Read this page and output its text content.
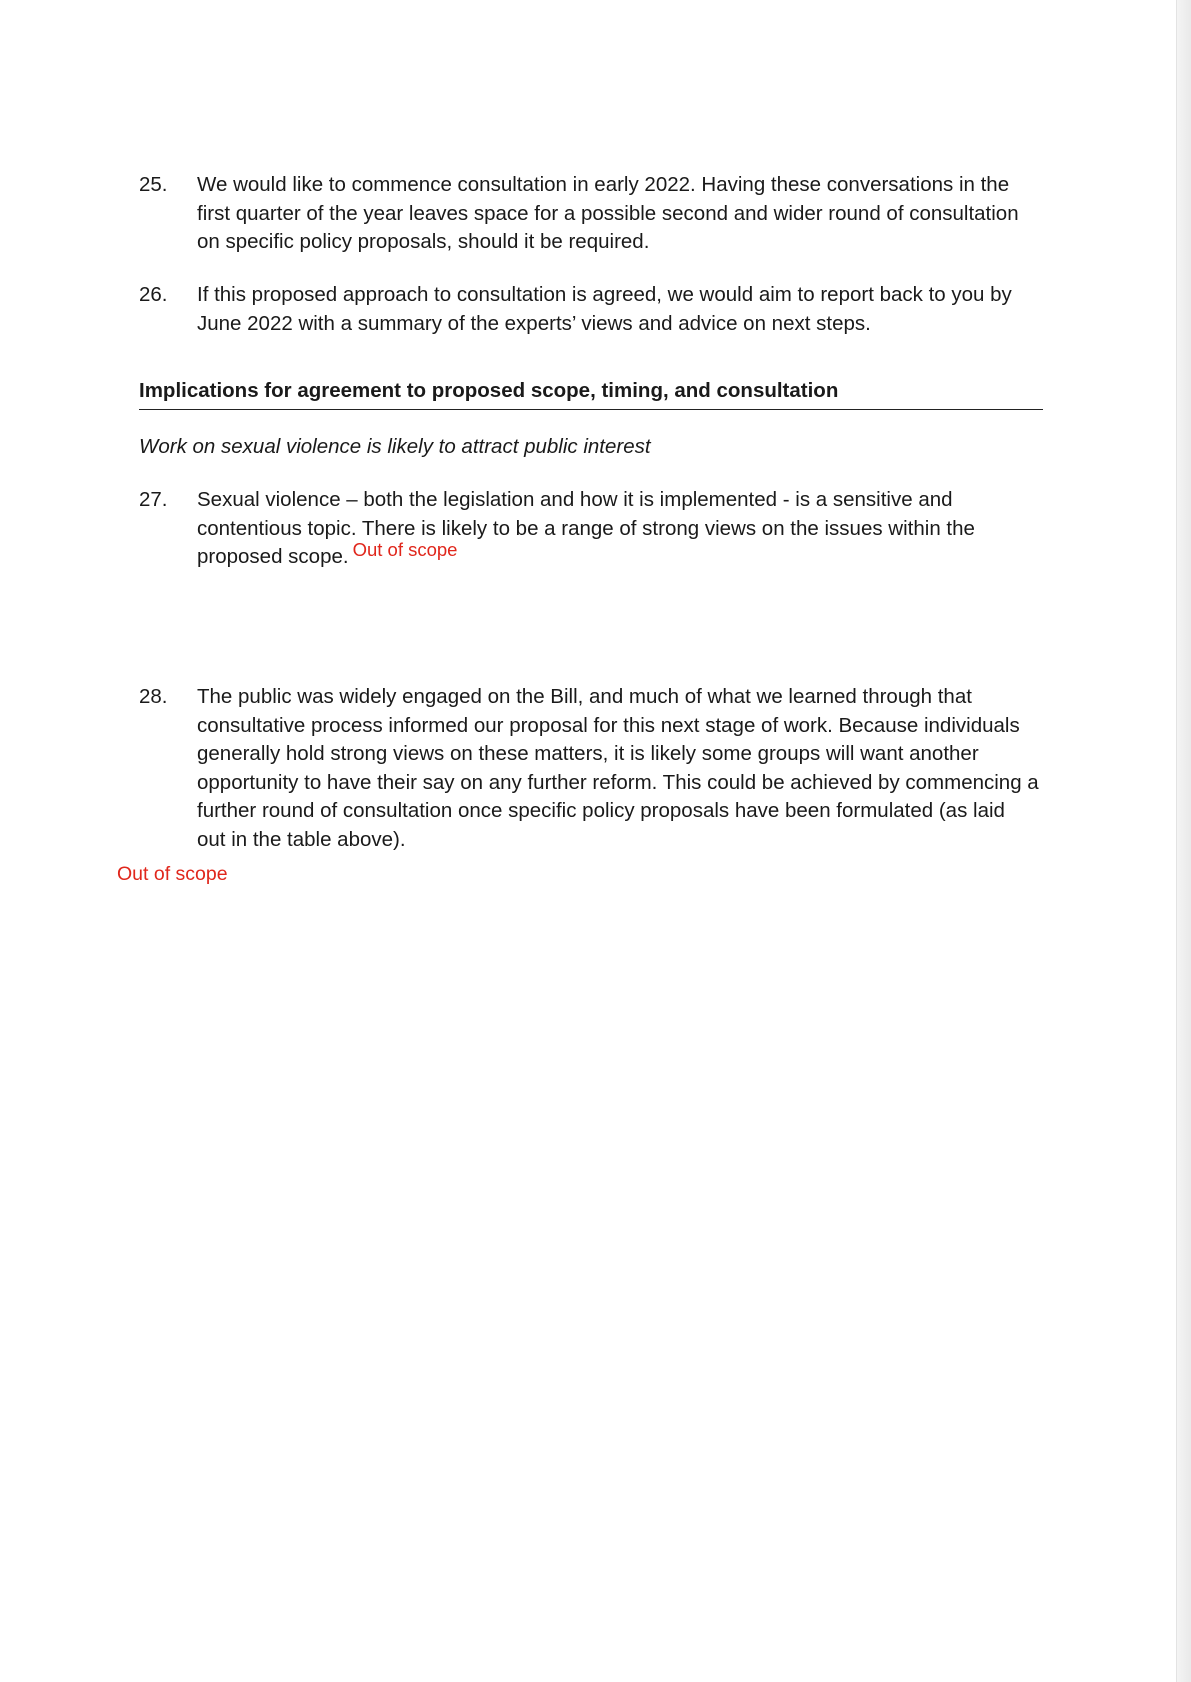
25.	We would like to commence consultation in early 2022. Having these conversations in the first quarter of the year leaves space for a possible second and wider round of consultation on specific policy proposals, should it be required.
26.	If this proposed approach to consultation is agreed, we would aim to report back to you by June 2022 with a summary of the experts’ views and advice on next steps.
Implications for agreement to proposed scope, timing, and consultation
Work on sexual violence is likely to attract public interest
27.	Sexual violence – both the legislation and how it is implemented - is a sensitive and contentious topic. There is likely to be a range of strong views on the issues within the proposed scope. Out of scope
28.	The public was widely engaged on the Bill, and much of what we learned through that consultative process informed our proposal for this next stage of work. Because individuals generally hold strong views on these matters, it is likely some groups will want another opportunity to have their say on any further reform. This could be achieved by commencing a further round of consultation once specific policy proposals have been formulated (as laid out in the table above).
Out of scope
